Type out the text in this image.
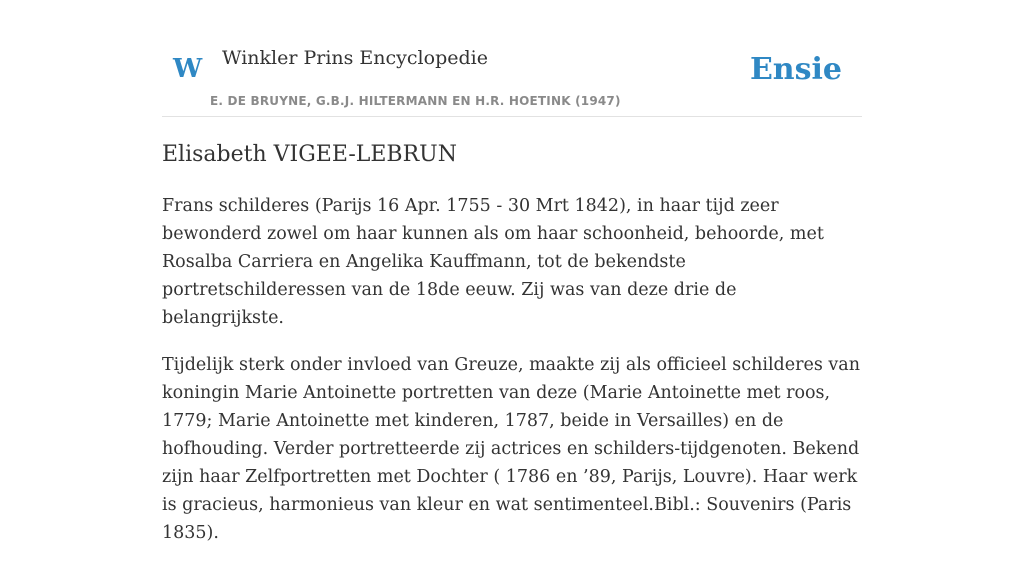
W Winkler Prins Encyclopedie
E. DE BRUYNE, G.B.J. HILTERMANN EN H.R. HOETINK (1947)
Ensie
Elisabeth VIGEE-LEBRUN

Frans schilderes (Parijs 16 Apr. 1755 - 30 Mrt 1842), in haar tijd zeer bewonderd zowel om haar kunnen als om haar schoonheid, behoorde, met Rosalba Carriera en Angelika Kauffmann, tot de bekendste portretschilderessen van de 18de eeuw. Zij was van deze drie de belangrijkste.

Tijdelijk sterk onder invloed van Greuze, maakte zij als officieel schilderes van koningin Marie Antoinette portretten van deze (Marie Antoinette met roos, 1779; Marie Antoinette met kinderen, 1787, beide in Versailles) en de hofhouding. Verder portretteerde zij actrices en schilders-tijdgenoten. Bekend zijn haar Zelfportretten met Dochter ( 1786 en ’89, Parijs, Louvre). Haar werk is gracieus, harmonieus van kleur en wat sentimenteel.Bibl.: Souvenirs (Paris 1835).
